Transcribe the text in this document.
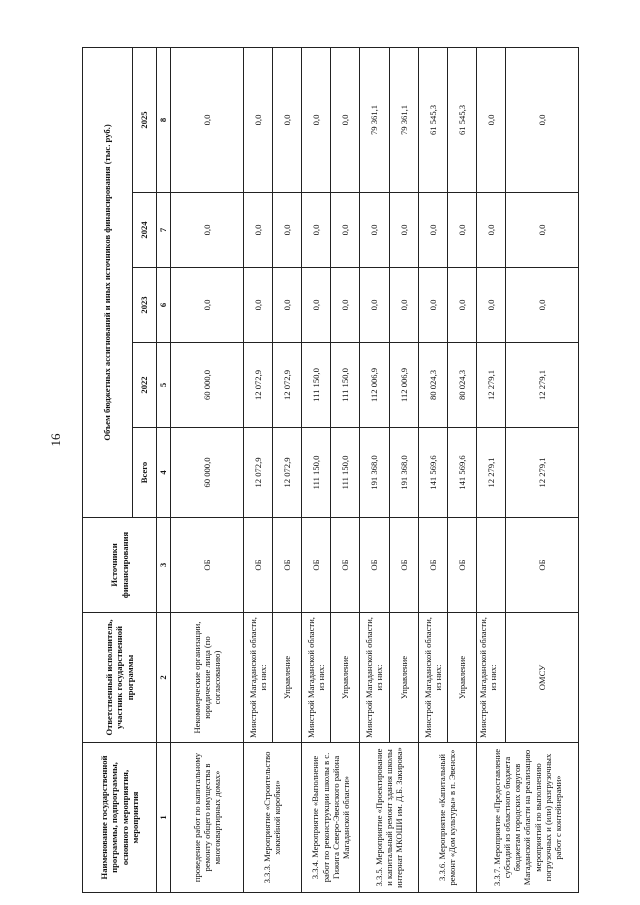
16
Наименование государственной программы, подпрограммы, основного мероприятия, мероприятия	Ответственный исполнитель, участник государственной программы	Источники финансирования	Объем бюджетных ассигнований и иных источников финансирования (тыс. руб.)				
			Всего	2022	2023	2024	2025
1	2	3	4	5	6	7	8
проведение работ по капитальному ремонту общего имущества в многоквартирных домах»	Некоммерческие организации, юридические лица (по согласованию)	ОБ	60 000,0	60 000,0	0,0	0,0	0,0
3.3.3. Мероприятие «Строительство хоккейной коробки»	Минстрой Магаданской области, из них:	ОБ	12 072,9	12 072,9	0,0	0,0	0,0
	Управление	ОБ	12 072,9	12 072,9	0,0	0,0	0,0
3.3.4. Мероприятие «Выполнение работ по реконструкции школы в с. Гижига Северо-Эвенского района Магаданской области»	Минстрой Магаданской области, из них:	ОБ	111 150,0	111 150,0	0,0	0,0	0,0
	Управление	ОБ	111 150,0	111 150,0	0,0	0,0	0,0
3.3.5. Мероприятие «Проектирование и капитальный ремонт здания школы интернат МКОШИ им. Д.Б. Закирова»	Минстрой Магаданской области, из них:	ОБ	191 368,0	112 006,9	0,0	0,0	79 361,1
	Управление	ОБ	191 368,0	112 006,9	0,0	0,0	79 361,1
3.3.6. Мероприятие «Капитальный ремонт «Дом культуры» в п. Эвенск»	Минстрой Магаданской области, из них:	ОБ	141 569,6	80 024,3	0,0	0,0	61 545,3
	Управление	ОБ	141 569,6	80 024,3	0,0	0,0	61 545,3
3.3.7. Мероприятие «Предоставление субсидий из областного бюджета бюджетам городских округов Магаданской области на реализацию мероприятий по выполнению погрузочных и (или) разгрузочных работ с контейнерами»	Минстрой Магаданской области, из них:		12 279,1	12 279,1	0,0	0,0	0,0
	ОМСУ	ОБ	12 279,1	12 279,1	0,0	0,0	0,0
